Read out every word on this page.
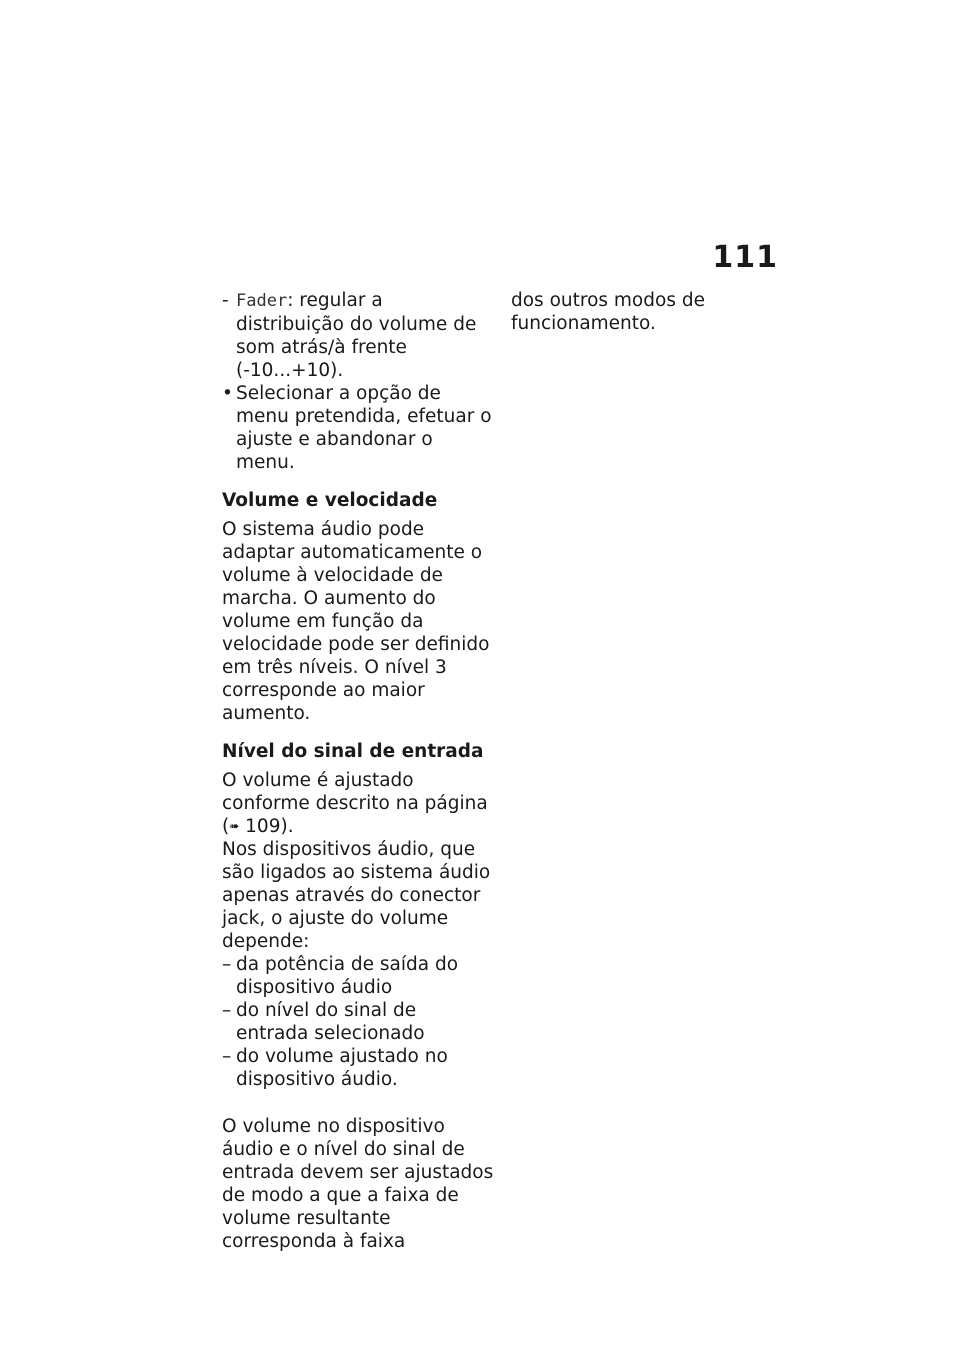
111
- Fader: regular a distribuição do volume de som atrás/à frente (-10...+10).
• Selecionar a opção de menu pretendida, efetuar o ajuste e abandonar o menu.
Volume e velocidade

O sistema áudio pode adaptar automaticamente o volume à velocidade de marcha. O aumento do volume em função da velocidade pode ser definido em três níveis. O nível 3 corresponde ao maior aumento.

Nível do sinal de entrada

O volume é ajustado conforme descrito na página (➠ 109).

Nos dispositivos áudio, que são ligados ao sistema áudio apenas através do conector jack, o ajuste do volume depende:

– da potência de saída do dispositivo áudio
– do nível do sinal de entrada selecionado
– do volume ajustado no dispositivo áudio.

O volume no dispositivo áudio e o nível do sinal de entrada devem ser ajustados de modo a que a faixa de volume resultante corresponda à faixa

dos outros modos de funcionamento.
